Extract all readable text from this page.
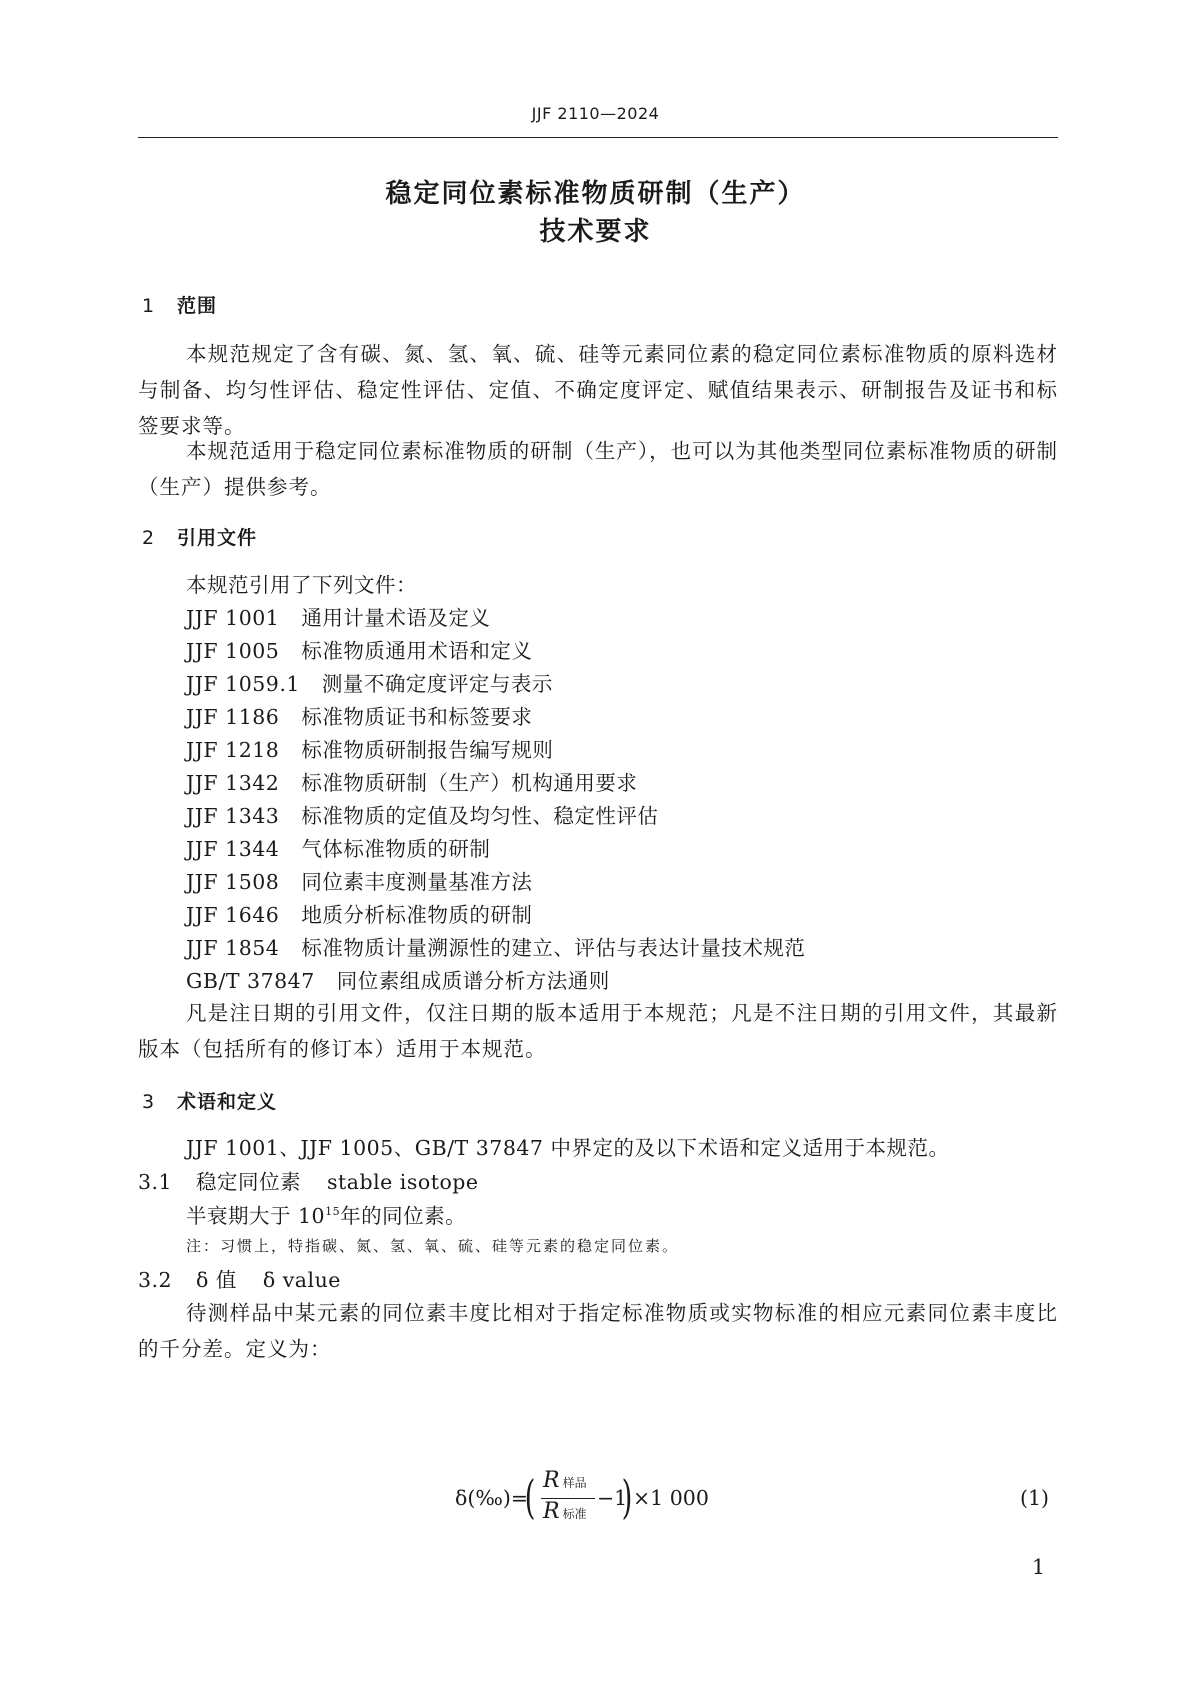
JJF 2110—2024
稳定同位素标准物质研制（生产）
技术要求
1 范围
本规范规定了含有碳、氮、氢、氧、硫、硅等元素同位素的稳定同位素标准物质的原料选材与制备、均匀性评估、稳定性评估、定值、不确定度评定、赋值结果表示、研制报告及证书和标签要求等。
本规范适用于稳定同位素标准物质的研制（生产），也可以为其他类型同位素标准物质的研制（生产）提供参考。
2 引用文件
本规范引用了下列文件：
JJF 1001 通用计量术语及定义
JJF 1005 标准物质通用术语和定义
JJF 1059.1 测量不确定度评定与表示
JJF 1186 标准物质证书和标签要求
JJF 1218 标准物质研制报告编写规则
JJF 1342 标准物质研制（生产）机构通用要求
JJF 1343 标准物质的定值及均匀性、稳定性评估
JJF 1344 气体标准物质的研制
JJF 1508 同位素丰度测量基准方法
JJF 1646 地质分析标准物质的研制
JJF 1854 标准物质计量溯源性的建立、评估与表达计量技术规范
GB/T 37847 同位素组成质谱分析方法通则
凡是注日期的引用文件，仅注日期的版本适用于本规范；凡是不注日期的引用文件，其最新版本（包括所有的修订本）适用于本规范。
3 术语和定义
JJF 1001、JJF 1005、GB/T 37847 中界定的及以下术语和定义适用于本规范。
3.1 稳定同位素 stable isotope
半衰期大于 $10^{15}$年的同位素。
注：习惯上，特指碳、氮、氢、氧、硫、硅等元素的稳定同位素。
3.2 δ 值 δ value
待测样品中某元素的同位素丰度比相对于指定标准物质或实物标准的相应元素同位素丰度比的千分差。定义为：
δ(‰)=
( R样品
R标准
−1
) ×1 000	(1)
1
